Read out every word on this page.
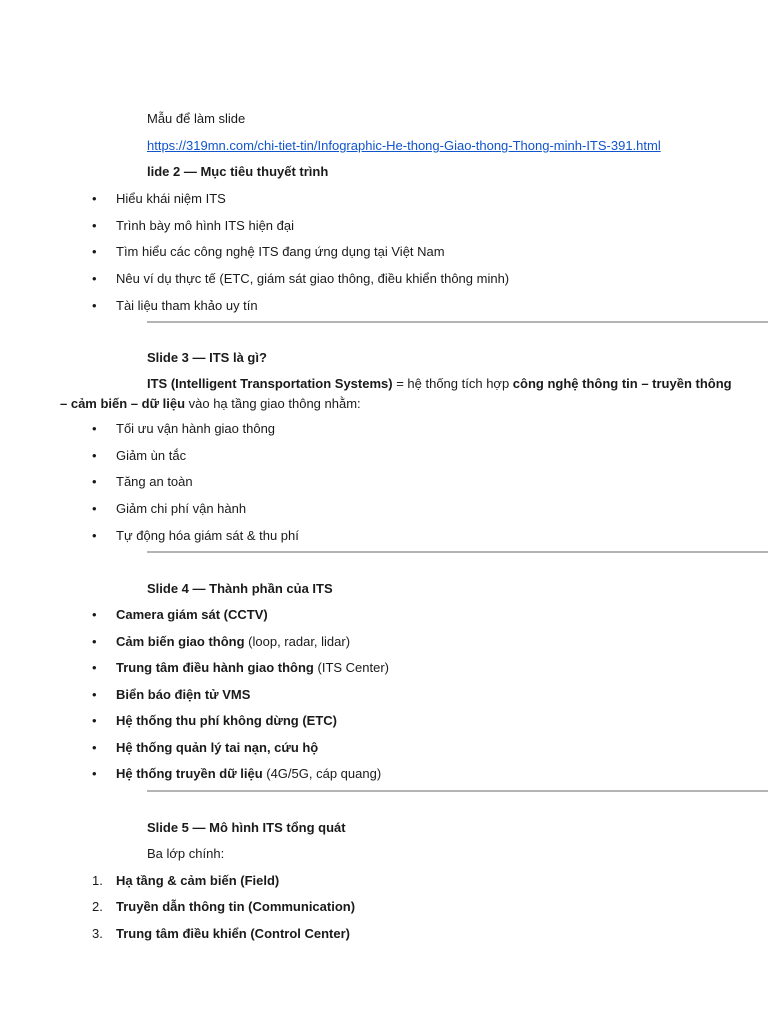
Mẫu để làm slide
https://319mn.com/chi-tiet-tin/Infographic-He-thong-Giao-thong-Thong-minh-ITS-391.html
lide 2 — Mục tiêu thuyết trình
• Hiểu khái niệm ITS
• Trình bày mô hình ITS hiện đại
• Tìm hiểu các công nghệ ITS đang ứng dụng tại Việt Nam
• Nêu ví dụ thực tế (ETC, giám sát giao thông, điều khiển thông minh)
• Tài liệu tham khảo uy tín
Slide 3 — ITS là gì?
ITS (Intelligent Transportation Systems) = hệ thống tích hợp công nghệ thông tin – truyền thông
– cảm biến – dữ liệu vào hạ tầng giao thông nhằm:
• Tối ưu vận hành giao thông
• Giảm ùn tắc
• Tăng an toàn
• Giảm chi phí vận hành
• Tự động hóa giám sát & thu phí
Slide 4 — Thành phần của ITS
• Camera giám sát (CCTV)
• Cảm biến giao thông (loop, radar, lidar)
• Trung tâm điều hành giao thông (ITS Center)
• Biển báo điện tử VMS
• Hệ thống thu phí không dừng (ETC)
• Hệ thống quản lý tai nạn, cứu hộ
• Hệ thống truyền dữ liệu (4G/5G, cáp quang)
Slide 5 — Mô hình ITS tổng quát
Ba lớp chính:
1. Hạ tầng & cảm biến (Field)
2. Truyền dẫn thông tin (Communication)
3. Trung tâm điều khiển (Control Center)
